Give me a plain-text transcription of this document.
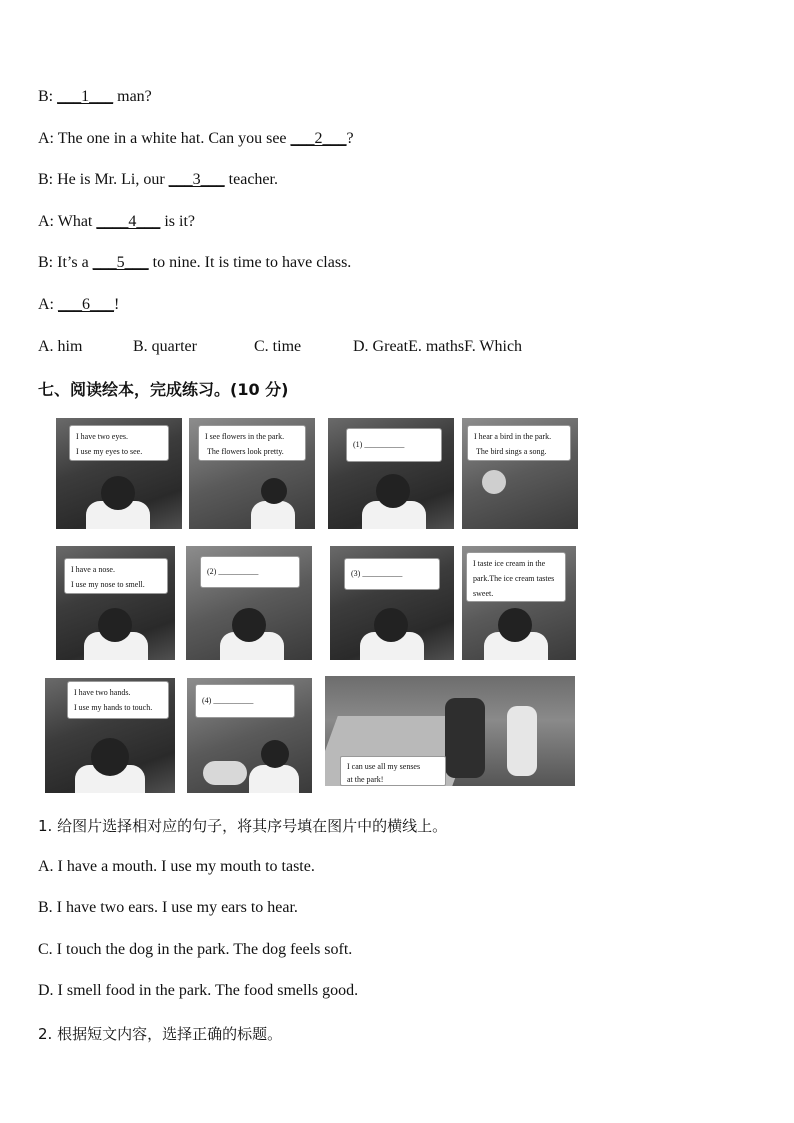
B: ___1___ man?
A: The one in a white hat. Can you see ___2___?
B: He is Mr. Li, our ___3___ teacher.
A: What ____4___ is it?
B: It’s a ___5___ to nine. It is time to have class.
A: ___6___!
A. him	B. quarter	C. time	D. GreatE. mathsF. Which
七、阅读绘本，完成练习。(10 分)
I have two eyes.
I use my eyes to see.
I see flowers in the park.
The flowers look pretty.
(1) __________
I hear a bird in the park.
The bird sings a song.
I have a nose.
I use my nose to smell.
(2) __________	(3) __________
I taste ice cream in the
park.The ice cream tastes
sweet.
I have two hands.
I use my hands to touch.
(4) __________
I can use all my senses
at the park!
1. 给图片选择相对应的句子，将其序号填在图片中的横线上。
A. I have a mouth. I use my mouth to taste.
B. I have two ears. I use my ears to hear.
C. I touch the dog in the park. The dog feels soft.
D. I smell food in the park. The food smells good.
2. 根据短文内容，选择正确的标题。
